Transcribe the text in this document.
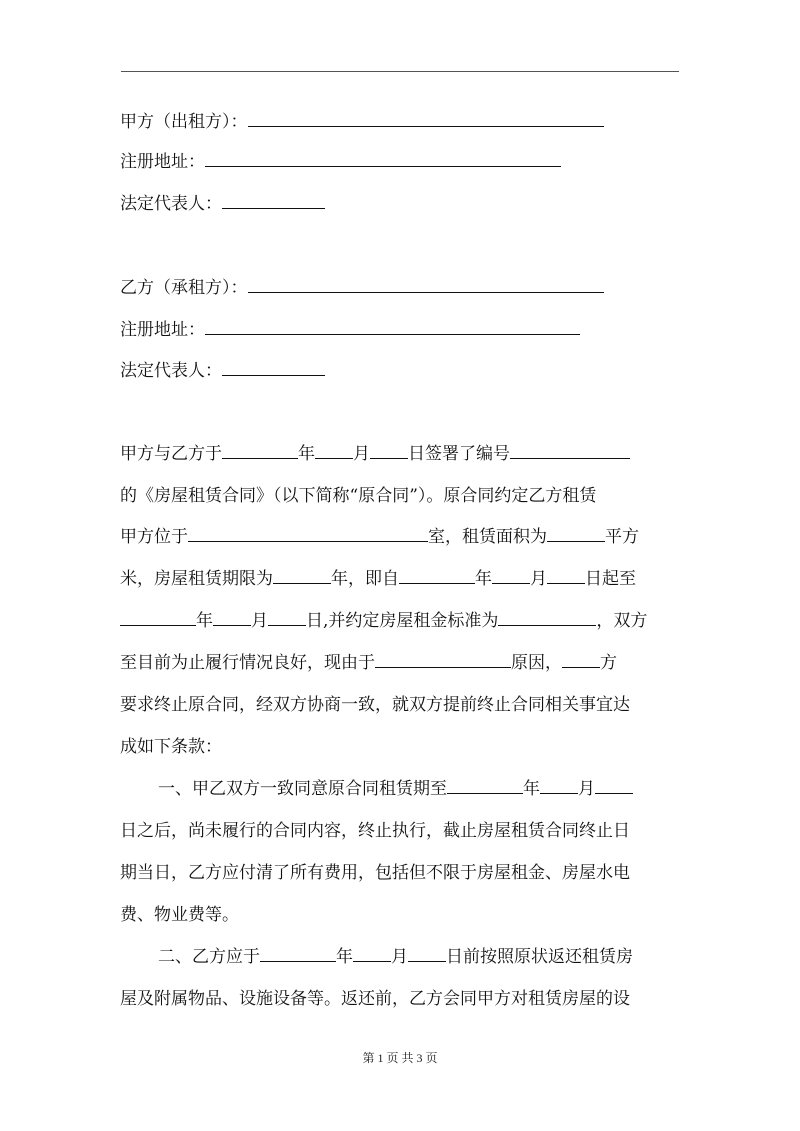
甲方（出租方）：
注册地址：
法定代表人：
乙方（承租方）：
注册地址：
法定代表人：
甲方与乙方于	年 月 日签署了编号
的《房屋租赁合同》（以下简称“原合同”）。原合同约定乙方租赁
甲方位于	室，租赁面积为	平方
米，房屋租赁期限为	年，即自	年 月 日起至
年 月 日,并约定房屋租金标准为	，双方
至目前为止履行情况良好，现由于	原因， 方
要求终止原合同，经双方协商一致，就双方提前终止合同相关事宜达
成如下条款：
一、甲乙双方一致同意原合同租赁期至	年 月
日之后，尚未履行的合同内容，终止执行，截止房屋租赁合同终止日
期当日，乙方应付清了所有费用，包括但不限于房屋租金、房屋水电
费、物业费等。
二、乙方应于	年 月 日前按照原状返还租赁房
屋及附属物品、设施设备等。返还前，乙方会同甲方对租赁房屋的设
第 1 页 共 3 页
